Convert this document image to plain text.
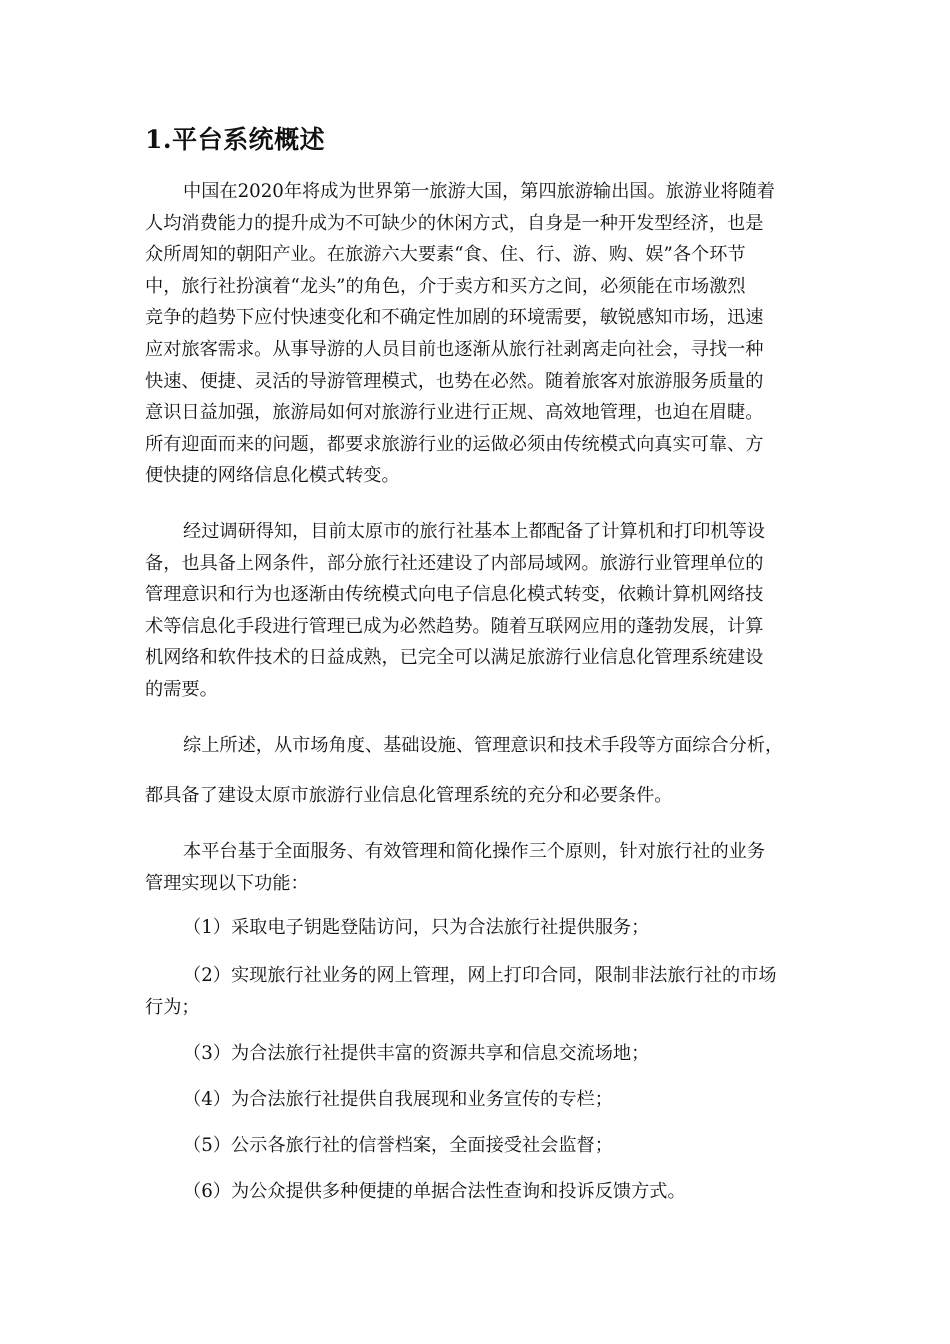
1.平台系统概述
中国在2020年将成为世界第一旅游大国，第四旅游输出国。旅游业将随着
人均消费能力的提升成为不可缺少的休闲方式，自身是一种开发型经济，也是
众所周知的朝阳产业。在旅游六大要素“食、住、行、游、购、娱”各个环节
中，旅行社扮演着“龙头”的角色，介于卖方和买方之间，必须能在市场激烈
竞争的趋势下应付快速变化和不确定性加剧的环境需要，敏锐感知市场，迅速
应对旅客需求。从事导游的人员目前也逐渐从旅行社剥离走向社会，寻找一种
快速、便捷、灵活的导游管理模式，也势在必然。随着旅客对旅游服务质量的
意识日益加强，旅游局如何对旅游行业进行正规、高效地管理，也迫在眉睫。
所有迎面而来的问题，都要求旅游行业的运做必须由传统模式向真实可靠、方
便快捷的网络信息化模式转变。
经过调研得知，目前太原市的旅行社基本上都配备了计算机和打印机等设
备，也具备上网条件，部分旅行社还建设了内部局域网。旅游行业管理单位的
管理意识和行为也逐渐由传统模式向电子信息化模式转变，依赖计算机网络技
术等信息化手段进行管理已成为必然趋势。随着互联网应用的蓬勃发展，计算
机网络和软件技术的日益成熟，已完全可以满足旅游行业信息化管理系统建设
的需要。
综上所述，从市场角度、基础设施、管理意识和技术手段等方面综合分析，
都具备了建设太原市旅游行业信息化管理系统的充分和必要条件。
本平台基于全面服务、有效管理和简化操作三个原则，针对旅行社的业务
管理实现以下功能：

（1）采取电子钥匙登陆访问，只为合法旅行社提供服务；

（2）实现旅行社业务的网上管理，网上打印合同，限制非法旅行社的市场

行为；

（3）为合法旅行社提供丰富的资源共享和信息交流场地；

（4）为合法旅行社提供自我展现和业务宣传的专栏；

（5）公示各旅行社的信誉档案，全面接受社会监督；

（6）为公众提供多种便捷的单据合法性查询和投诉反馈方式。
